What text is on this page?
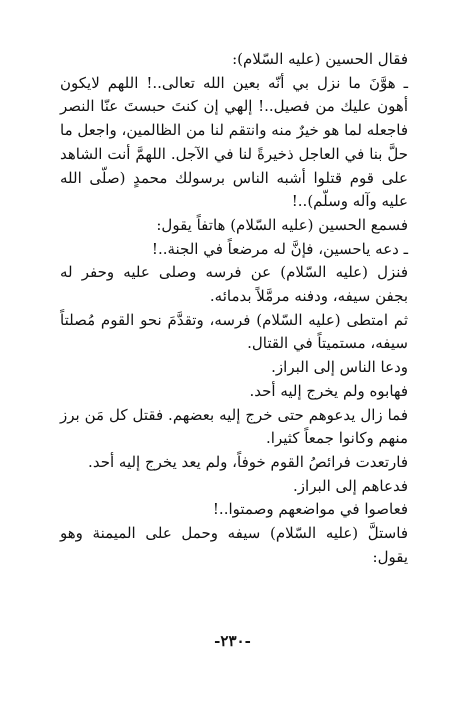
فقال الحسين (عليه السّلام):

ـ هوَّنَ ما نزل بي أنّه بعين الله تعالى..! اللهم لايكون أهون عليك من فصيل..! إلهي إن كنتَ حبستَ عنّا النصر فاجعله لما هو خيرٌ منه وانتقم لنا من الظالمين، واجعل ما حلَّ بنا في العاجل ذخيرةً لنا في الآجل. اللهمَّ أنت الشاهد على قوم قتلوا أشبه الناس برسولك محمدٍ (صلّى الله عليه وآله وسلّم)..!

فسمع الحسين (عليه السّلام) هاتفاً يقول:

ـ دعه ياحسين، فإنَّ له مرضعاً في الجنة..!

فنزل (عليه السّلام) عن فرسه وصلى عليه وحفر له بجفن سيفه، ودفنه مرمَّلاً بدمائه.

ثم امتطى (عليه السّلام) فرسه، وتقدَّمَ نحو القوم مُصلتاً سيفه، مستميتاً في القتال.

ودعا الناس إلى البراز.

فهابوه ولم يخرج إليه أحد.

فما زال يدعوهم حتى خرج إليه بعضهم. فقتل كل مَن برز منهم وكانوا جمعاً كثيرا.

فارتعدت فرائصُ القوم خوفاً، ولم يعد يخرج إليه أحد.

فدعاهم إلى البراز.

فعاصوا في مواضعهم وصمتوا..!

فاستلَّ (عليه السّلام) سيفه وحمل على الميمنة وهو يقول:

-٢٣٠-
